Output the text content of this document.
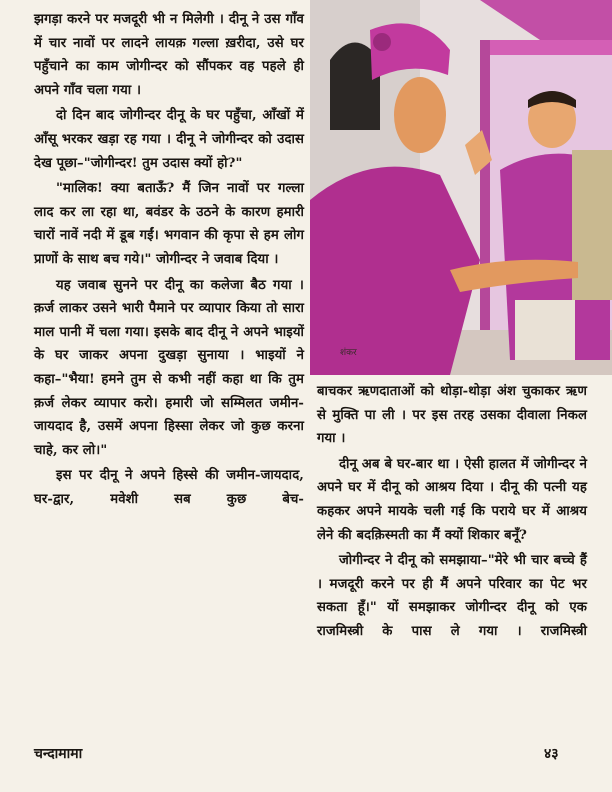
झगड़ा करने पर मजदूरी भी न मिलेगी । दीनू ने उस गाँव में चार नावों पर लादने लायक़ गल्ला ख़रीदा, उसे घर पहुँचाने का काम जोगीन्दर को सौंपकर वह पहले ही अपने गाँव चला गया ।

दो दिन बाद जोगीन्दर दीनू के घर पहुँचा, आँखों में आँसू भरकर खड़ा रह गया । दीनू ने जोगीन्दर को उदास देख पूछा–"जोगीन्दर! तुम उदास क्यों हो?"

"मालिक! क्या बताऊँ? मैं जिन नावों पर गल्ला लाद कर ला रहा था, बवंडर के उठने के कारण हमारी चारों नावें नदी में डूब गईं। भगवान की कृपा से हम लोग प्राणों के साथ बच गये।" जोगीन्दर ने जवाब दिया ।

यह जवाब सुनने पर दीनू का कलेजा बैठ गया । क़र्ज लाकर उसने भारी पैमाने पर व्यापार किया तो सारा माल पानी में चला गया। इसके बाद दीनू ने अपने भाइयों के घर जाकर अपना दुखड़ा सुनाया । भाइयों ने कहा–"भैया! हमने तुम से कभी नहीं कहा था कि तुम क़र्ज लेकर व्यापार करो। हमारी जो सम्मिलत जमीन-जायदाद है, उसमें अपना हिस्सा लेकर जो कुछ करना चाहे, कर लो।"

इस पर दीनू ने अपने हिस्से की जमीन-जायदाद, घर-द्वार, मवेशी सब कुछ बेच-

शंकर

बाचकर ऋणदाताओं को थोड़ा-थोड़ा अंश चुकाकर ऋण से मुक्ति पा ली । पर इस तरह उसका दीवाला निकल गया ।

दीनू अब बे घर-बार था । ऐसी हालत में जोगीन्दर ने अपने घर में दीनू को आश्रय दिया । दीनू की पत्नी यह कहकर अपने मायके चली गई कि पराये घर में आश्रय लेने की बदक़िस्मती का मैं क्यों शिकार बनूँ?

जोगीन्दर ने दीनू को समझाया–"मेरे भी चार बच्चे हैं । मजदूरी करने पर ही मैं अपने परिवार का पेट भर सकता हूँ।" यों समझाकर जोगीन्दर दीनू को एक राजमिस्त्री के पास ले गया । राजमिस्त्री

चन्दामामा	४३
